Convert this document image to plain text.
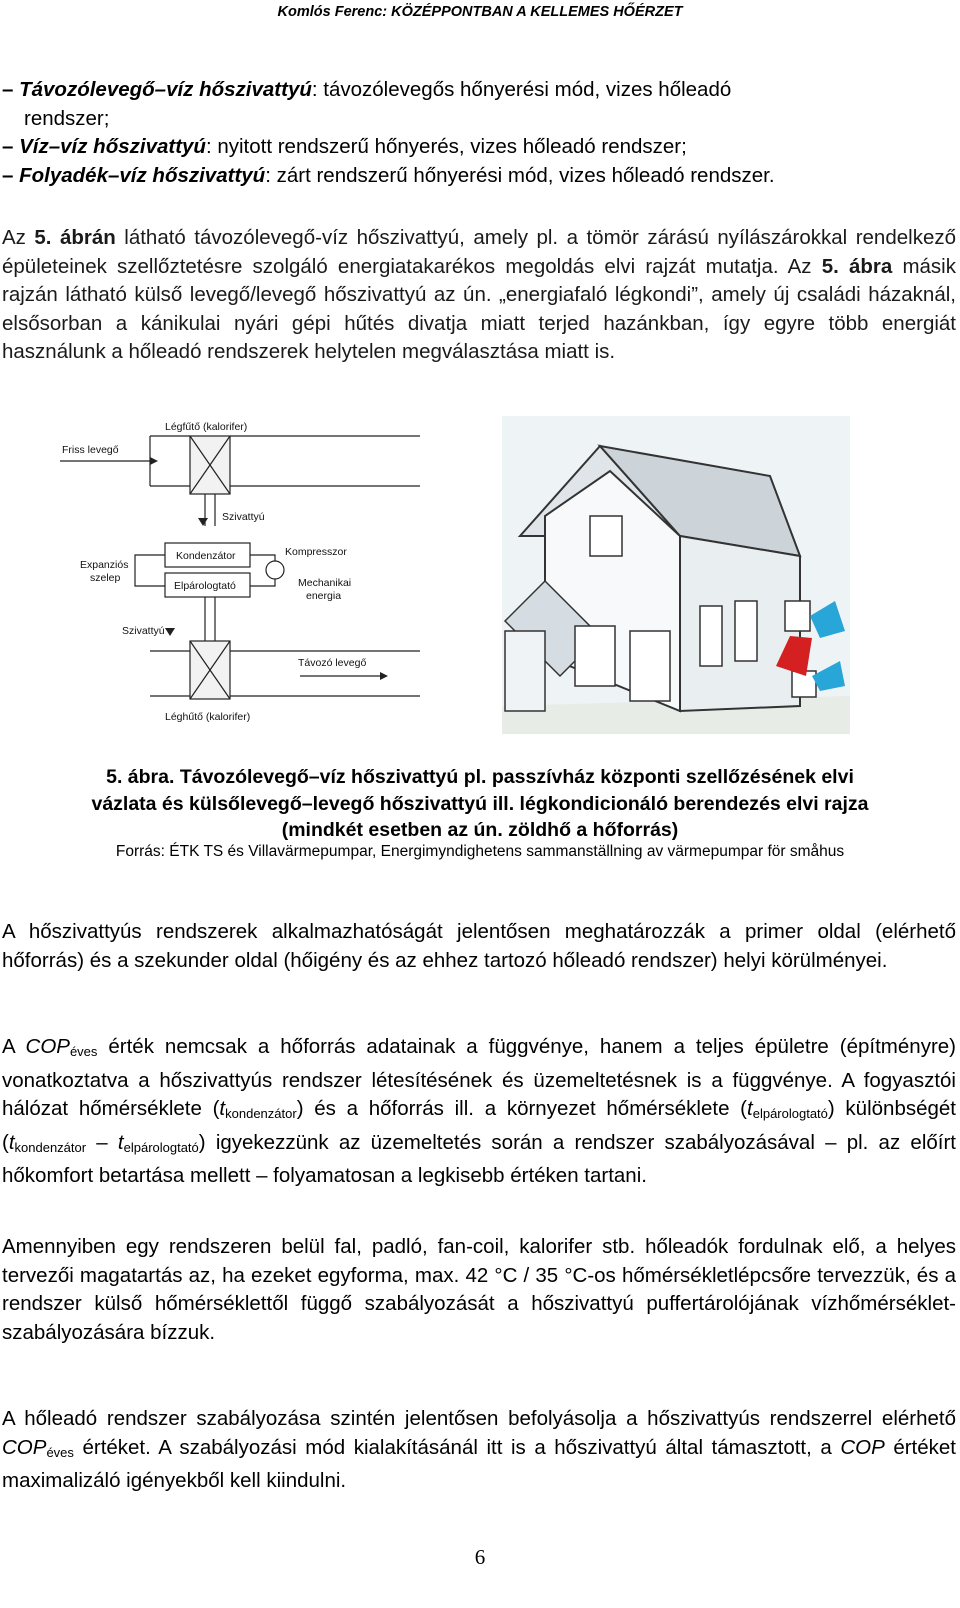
Komlós Ferenc: KÖZÉPPONTBAN A KELLEMES HŐÉRZET
– Távozólevegő–víz hőszivattyú: távozólevegős hőnyerési mód, vizes hőleadó
rendszer;
– Víz–víz hőszivattyú: nyitott rendszerű hőnyerés, vizes hőleadó rendszer;
– Folyadék–víz hőszivattyú: zárt rendszerű hőnyerési mód, vizes hőleadó rendszer.

Az 5. ábrán látható távozólevegő-víz hőszivattyú, amely pl. a tömör zárású nyílászárokkal rendelkező épületeinek szellőztetésre szolgáló energiatakarékos megoldás elvi rajzát mutatja. Az 5. ábra másik rajzán látható külső levegő/levegő hőszivattyú az ún. „energiafaló légkondi”, amely új családi házaknál, elsősorban a kánikulai nyári gépi hűtés divatja miatt terjed hazánkban, így egyre több energiát használunk a hőleadó rendszerek helytelen megválasztása miatt is.

Légfűtő (kalorifer)
Friss levegő
Szivattyú
Expanziós
szelep
Kondenzátor
Elpárologtató
Kompresszor
Mechanikai
energia
Szivattyú
Távozó levegő
Léghűtő (kalorifer)
5. ábra. Távozólevegő–víz hőszivattyú pl. passzívház központi szellőzésének elvi
vázlata és külsőlevegő–levegő hőszivattyú ill. légkondicionáló berendezés elvi rajza
(mindkét esetben az ún. zöldhő a hőforrás)
Forrás: ÉTK TS és Villavärmepumpar, Energimyndighetens sammanställning av värmepumpar för småhus

A hőszivattyús rendszerek alkalmazhatóságát jelentősen meghatározzák a primer oldal (elérhető hőforrás) és a szekunder oldal (hőigény és az ehhez tartozó hőleadó rendszer) helyi körülményei.

A $COP_{éves}$ érték nemcsak a hőforrás adatainak a függvénye, hanem a teljes épületre (építményre) vonatkoztatva a hőszivattyús rendszer létesítésének és üzemeltetésnek is a függvénye. A fogyasztói hálózat hőmérséklete $(t_{kondenzátor})$ és a hőforrás ill. a környezet hőmérséklete $(t_{elpárologtató})$ különbségét $(t_{kondenzátor} - t_{elpárologtató})$ igyekezzünk az üzemeltetés során a rendszer szabályozásával – pl. az előírt hőkomfort betartása mellett – folyamatosan a legkisebb értéken tartani.

Amennyiben egy rendszeren belül fal, padló, fan-coil, kalorifer stb. hőleadók fordulnak elő, a helyes tervezői magatartás az, ha ezeket egyforma, max. 42 °C / 35 °C-os hőmérsékletlépcsőre tervezzük, és a rendszer külső hőmérséklettől függő szabályozását a hőszivattyú puffertárolójának vízhőmérséklet-szabályozására bízzuk.

A hőleadó rendszer szabályozása szintén jelentősen befolyásolja a hőszivattyús rendszerrel elérhető $COP_{éves}$ értéket. A szabályozási mód kialakításánál itt is a hőszivattyú által támasztott, a COP értéket maximalizáló igényekből kell kiindulni.

6
